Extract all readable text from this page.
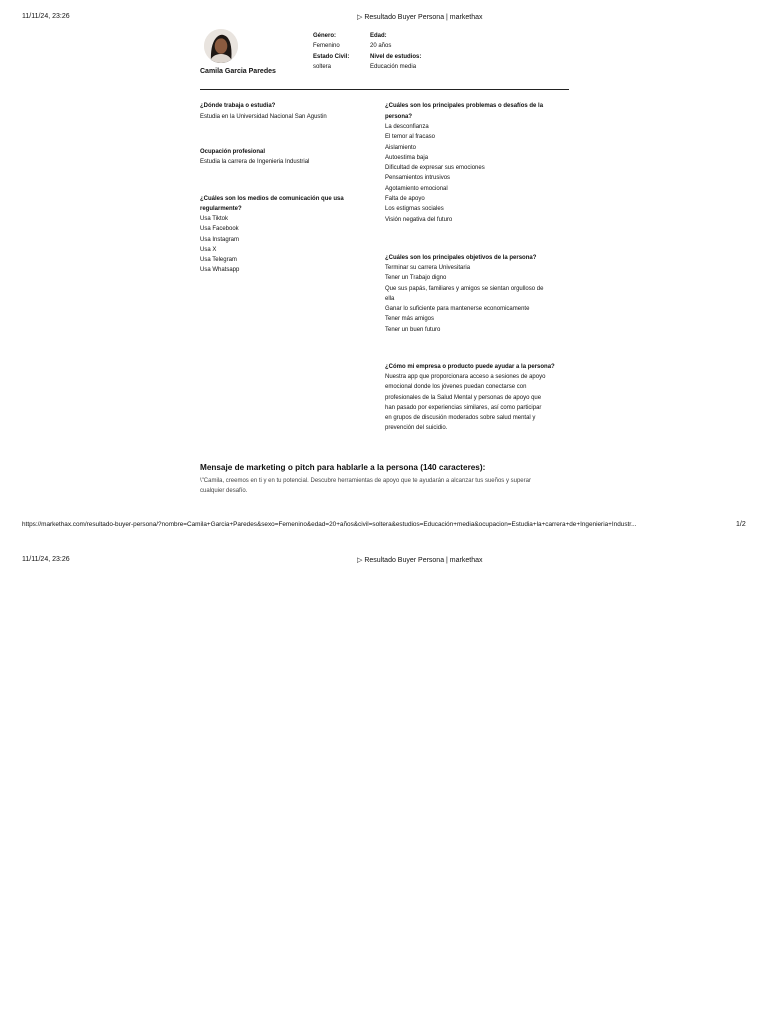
11/11/24, 23:26	▷ Resultado Buyer Persona | markethax
Camila Garcia Paredes
Género:
Femenino
Estado Civil:
soltera
Edad:
20 años
Nivel de estudios:
Educación media
¿Dónde trabaja o estudia?
Estudia en la Universidad Nacional San Agustin
Ocupación profesional
Estudia la carrera de Ingenieria Industrial
¿Cuáles son los medios de comunicación que usa
regularmente?
Usa Tiktok
Usa Facebook
Usa Instagram
Usa X
Usa Telegram
Usa Whatsapp
¿Cuáles son los principales problemas o desafíos de la
persona?
La desconfianza
El temor al fracaso
Aislamiento
Autoestima baja
Dificultad de expresar sus emociones
Pensamientos intrusivos
Agotamiento emocional
Falta de apoyo
Los estigmas sociales
Visión negativa del futuro
¿Cuáles son los principales objetivos de la persona?
Terminar su carrera Univesitaria
Tener un Trabajo digno
Que sus papás, familiares y amigos se sientan orgulloso de
ella
Ganar lo suficiente para mantenerse economicamente
Tener más amigos
Tener un buen futuro
¿Cómo mi empresa o producto puede ayudar a la persona?
Nuestra app que proporcionara acceso a sesiones de apoyo
emocional donde los jóvenes puedan conectarse con
profesionales de la Salud Mental y personas de apoyo que
han pasado por experiencias similares, así como participar
en grupos de discusión moderados sobre salud mental y
prevención del suicidio.
Mensaje de marketing o pitch para hablarle a la persona (140 caracteres):
\"Camila, creemos en ti y en tu potencial. Descubre herramientas de apoyo que te ayudarán a alcanzar tus sueños y superar
cualquier desafío.
https://markethax.com/resultado-buyer-persona/?nombre=Camila+Garcia+Paredes&sexo=Femenino&edad=20+años&civil=soltera&estudios=Educación+media&ocupacion=Estudia+la+carrera+de+Ingenieria+Industr...	1/2
11/11/24, 23:26	▷ Resultado Buyer Persona | markethax
